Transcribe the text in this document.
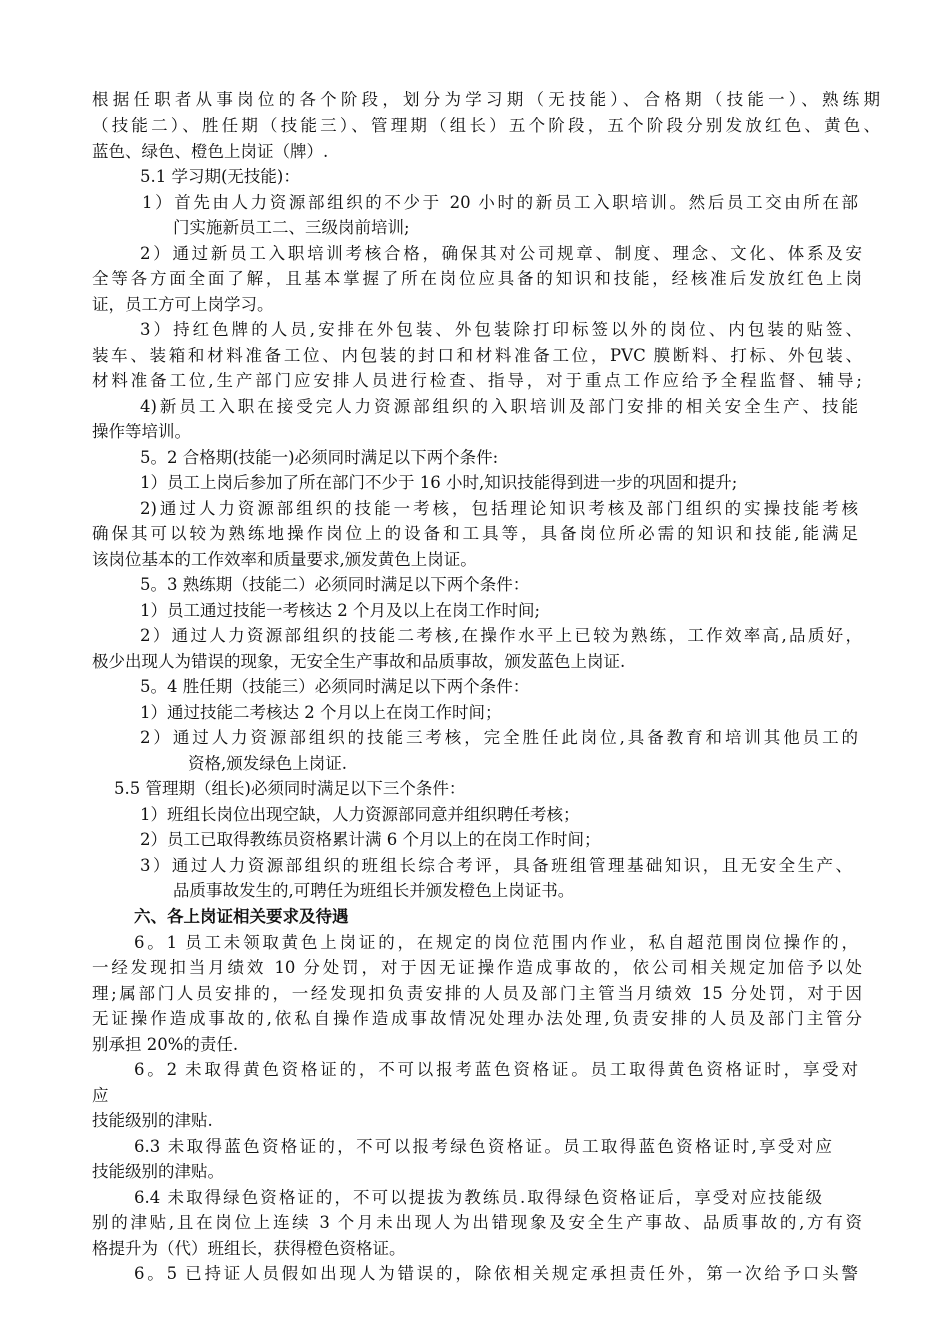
根据任职者从事岗位的各个阶段，划分为学习期（无技能）、合格期（技能一）、熟练期
（技能二）、胜任期（技能三）、管理期（组长）五个阶段，五个阶段分别发放红色、黄色、
蓝色、绿色、橙色上岗证（牌）.
5.1 学习期(无技能)：
1）首先由人力资源部组织的不少于 20 小时的新员工入职培训。然后员工交由所在部
门实施新员工二、三级岗前培训;
2）通过新员工入职培训考核合格，确保其对公司规章、制度、理念、文化、体系及安
全等各方面全面了解，且基本掌握了所在岗位应具备的知识和技能，经核准后发放红色上岗
证，员工方可上岗学习。
3）持红色牌的人员,安排在外包装、外包装除打印标签以外的岗位、内包装的贴签、
装车、装箱和材料准备工位、内包装的封口和材料准备工位，PVC 膜断料、打标、外包装、
材料准备工位,生产部门应安排人员进行检查、指导，对于重点工作应给予全程监督、辅导;
4)新员工入职在接受完人力资源部组织的入职培训及部门安排的相关安全生产、技能
操作等培训。
5。2 合格期(技能一)必须同时满足以下两个条件:
1）员工上岗后参加了所在部门不少于 16 小时,知识技能得到进一步的巩固和提升;
2)通过人力资源部组织的技能一考核，包括理论知识考核及部门组织的实操技能考核
确保其可以较为熟练地操作岗位上的设备和工具等，具备岗位所必需的知识和技能,能满足
该岗位基本的工作效率和质量要求,颁发黄色上岗证。
5。3 熟练期（技能二）必须同时满足以下两个条件：
1）员工通过技能一考核达 2 个月及以上在岗工作时间;
2）通过人力资源部组织的技能二考核,在操作水平上已较为熟练，工作效率高,品质好，
极少出现人为错误的现象，无安全生产事故和品质事故，颁发蓝色上岗证.
5。4 胜任期（技能三）必须同时满足以下两个条件：
1）通过技能二考核达 2 个月以上在岗工作时间；
2）通过人力资源部组织的技能三考核，完全胜任此岗位,具备教育和培训其他员工的
资格,颁发绿色上岗证.
5.5 管理期（组长)必须同时满足以下三个条件：
1）班组长岗位出现空缺，人力资源部同意并组织聘任考核；
2）员工已取得教练员资格累计满 6 个月以上的在岗工作时间；
3）通过人力资源部组织的班组长综合考评，具备班组管理基础知识，且无安全生产、
品质事故发生的,可聘任为班组长并颁发橙色上岗证书。
六、各上岗证相关要求及待遇
6。1 员工未领取黄色上岗证的，在规定的岗位范围内作业，私自超范围岗位操作的，
一经发现扣当月绩效 10 分处罚，对于因无证操作造成事故的，依公司相关规定加倍予以处
理;属部门人员安排的，一经发现扣负责安排的人员及部门主管当月绩效 15 分处罚，对于因
无证操作造成事故的,依私自操作造成事故情况处理办法处理,负责安排的人员及部门主管分
别承担 20%的责任.
6。2 未取得黄色资格证的，不可以报考蓝色资格证。员工取得黄色资格证时，享受对
应
技能级别的津贴.
6.3 未取得蓝色资格证的，不可以报考绿色资格证。员工取得蓝色资格证时,享受对应
技能级别的津贴。
6.4 未取得绿色资格证的，不可以提拔为教练员.取得绿色资格证后，享受对应技能级
别的津贴,且在岗位上连续 3 个月未出现人为出错现象及安全生产事故、品质事故的,方有资
格提升为（代）班组长，获得橙色资格证。
6。5 已持证人员假如出现人为错误的，除依相关规定承担责任外，第一次给予口头警
